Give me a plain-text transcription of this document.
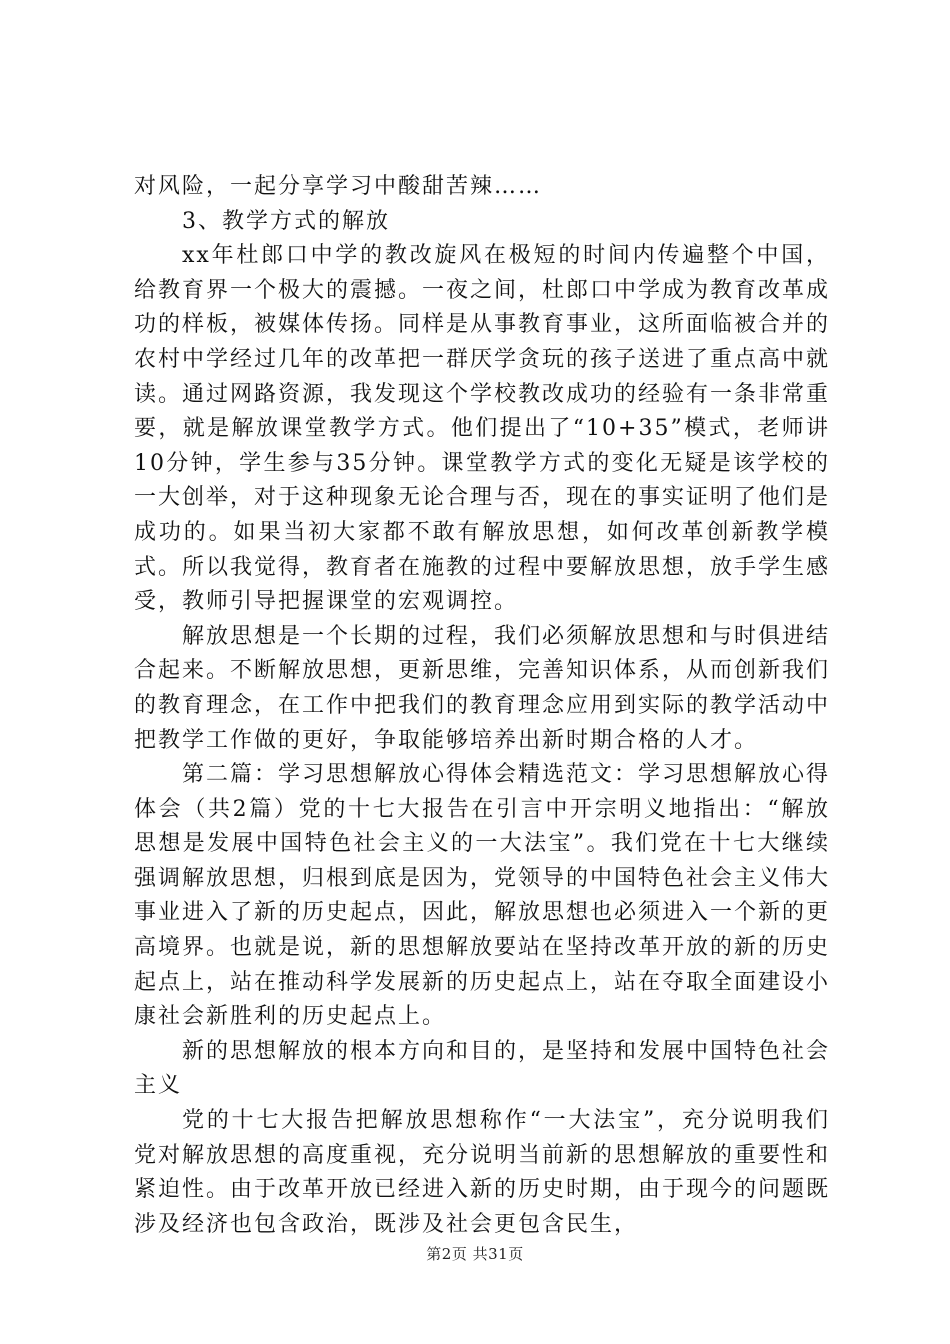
对风险，一起分享学习中酸甜苦辣……

3、教学方式的解放

xx年杜郎口中学的教改旋风在极短的时间内传遍整个中国，给教育界一个极大的震撼。一夜之间，杜郎口中学成为教育改革成功的样板，被媒体传扬。同样是从事教育事业，这所面临被合并的农村中学经过几年的改革把一群厌学贪玩的孩子送进了重点高中就读。通过网路资源，我发现这个学校教改成功的经验有一条非常重要，就是解放课堂教学方式。他们提出了“10+35”模式，老师讲10分钟，学生参与35分钟。课堂教学方式的变化无疑是该学校的一大创举，对于这种现象无论合理与否，现在的事实证明了他们是成功的。如果当初大家都不敢有解放思想，如何改革创新教学模式。所以我觉得，教育者在施教的过程中要解放思想，放手学生感受，教师引导把握课堂的宏观调控。

解放思想是一个长期的过程，我们必须解放思想和与时俱进结合起来。不断解放思想，更新思维，完善知识体系，从而创新我们的教育理念，在工作中把我们的教育理念应用到实际的教学活动中把教学工作做的更好，争取能够培养出新时期合格的人才。

第二篇：学习思想解放心得体会精选范文：学习思想解放心得体会（共2篇）党的十七大报告在引言中开宗明义地指出：“解放思想是发展中国特色社会主义的一大法宝”。我们党在十七大继续强调解放思想，归根到底是因为，党领导的中国特色社会主义伟大事业进入了新的历史起点，因此，解放思想也必须进入一个新的更高境界。也就是说，新的思想解放要站在坚持改革开放的新的历史起点上，站在推动科学发展新的历史起点上，站在夺取全面建设小康社会新胜利的历史起点上。

新的思想解放的根本方向和目的，是坚持和发展中国特色社会主义

党的十七大报告把解放思想称作“一大法宝”，充分说明我们党对解放思想的高度重视，充分说明当前新的思想解放的重要性和紧迫性。由于改革开放已经进入新的历史时期，由于现今的问题既涉及经济也包含政治，既涉及社会更包含民生，

第2页 共31页
